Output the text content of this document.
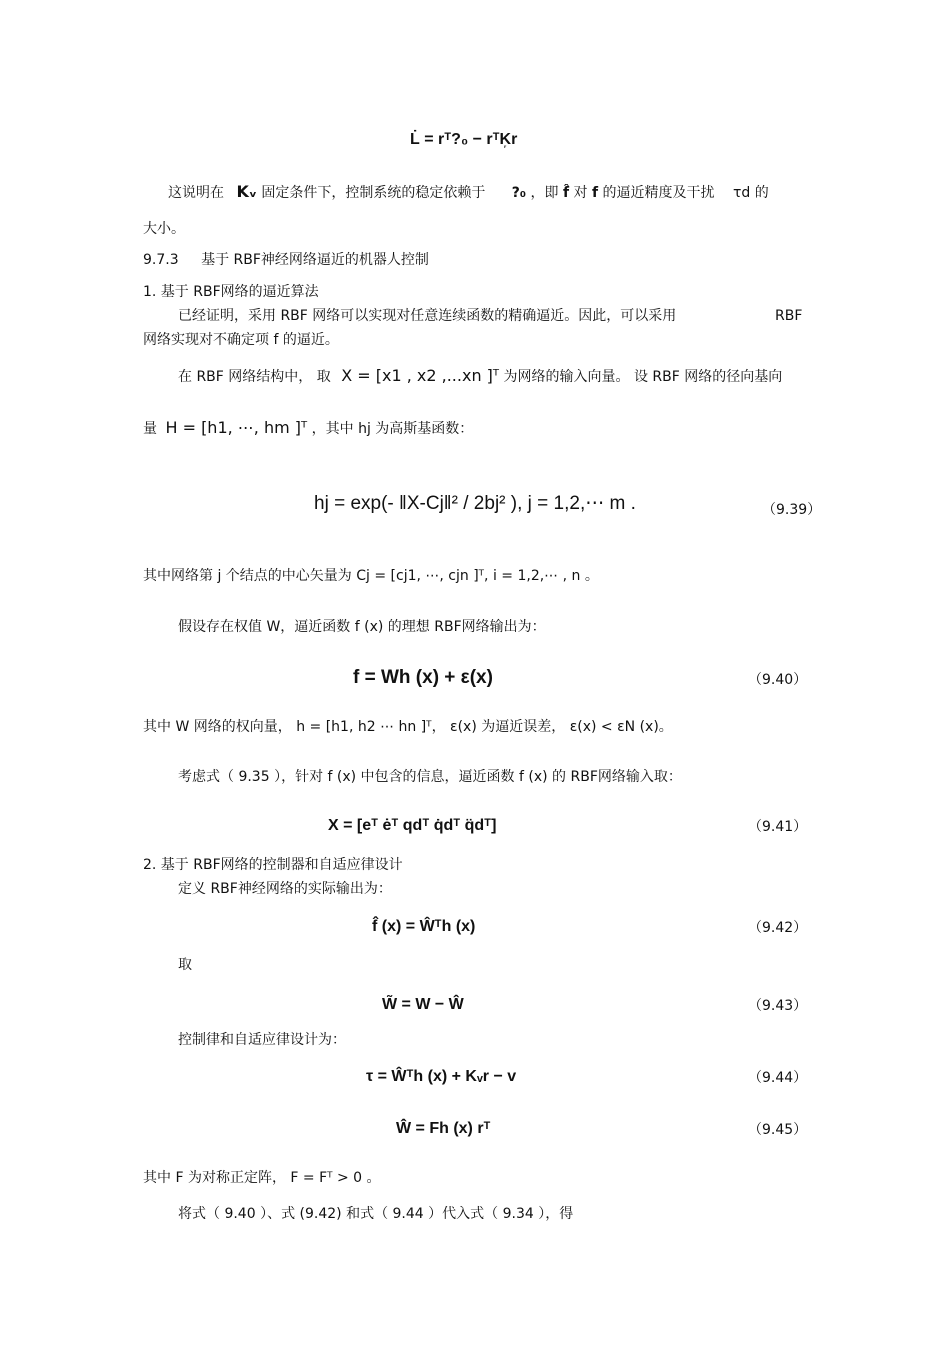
L̇ = rᵀ?₀ − rᵀK᷊r
这说明在 Kᵥ 固定条件下，控制系统的稳定依赖于 ?₀ ，即 f̂ 对 f 的逼近精度及干扰 τd 的
大小。
9.7.3 基于 RBF神经网络逼近的机器人控制
1. 基于 RBF网络的逼近算法
已经证明，采用 RBF 网络可以实现对任意连续函数的精确逼近。因此，可以采用	RBF
网络实现对不确定项 f 的逼近。
在 RBF 网络结构中， 取 X = [x1 , x2 ,...xn ]ᵀ 为网络的输入向量。 设 RBF 网络的径向基向
量 H = [h1, ⋯, hm ]ᵀ ，其中 hj 为高斯基函数：
hj = exp(- ‖X-Cj‖² / 2bj² ), j = 1,2,⋯ m .	（9.39）
其中网络第 j 个结点的中心矢量为 Cj = [cj1, ⋯, cjn ]ᵀ, i = 1,2,⋯ , n 。
假设存在权值 W，逼近函数 f (x) 的理想 RBF网络输出为：
f = Wh (x) + ε(x)	（9.40）
其中 W 网络的权向量， h = [h1, h2 ⋯ hn ]ᵀ， ε(x) 为逼近误差， ε(x) < εN (x)。
考虑式（ 9.35 ），针对 f (x) 中包含的信息，逼近函数 f (x) 的 RBF网络输入取：
X = [eᵀ ėᵀ qdᵀ q̇dᵀ q̈dᵀ]	（9.41）
2. 基于 RBF网络的控制器和自适应律设计
定义 RBF神经网络的实际输出为：
f̂ (x) = Ŵᵀh (x)	（9.42）
取
W̃ = W − Ŵ	（9.43）
控制律和自适应律设计为：
τ = Ŵᵀh (x) + Kᵥr − v	（9.44）
Ŵ̇ = Fh (x) rᵀ	（9.45）
其中 F 为对称正定阵， F = Fᵀ > 0 。
将式（ 9.40 ）、式 (9.42) 和式（ 9.44 ）代入式（ 9.34 ），得
